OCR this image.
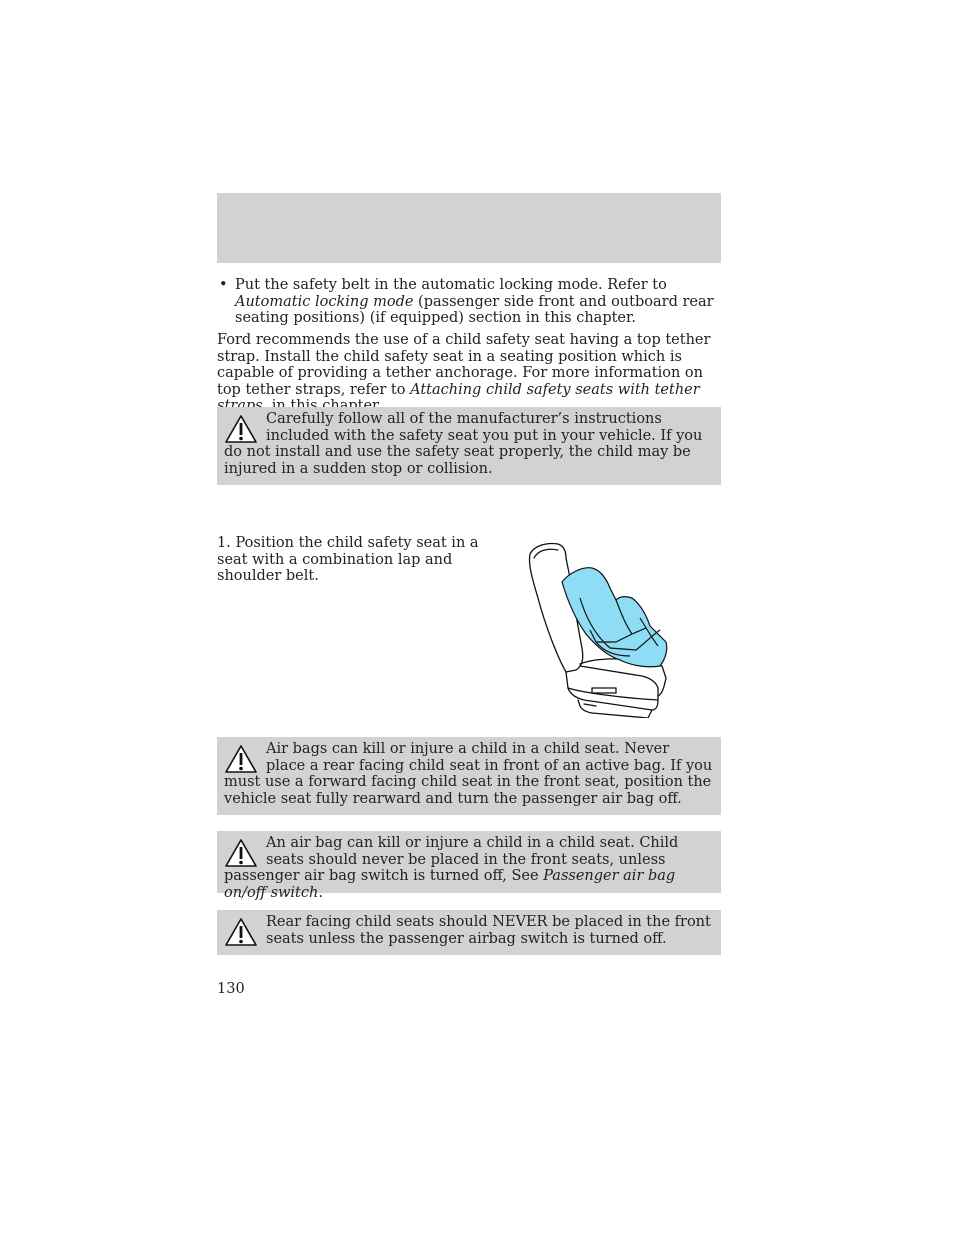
• Put the safety belt in the automatic locking mode. Refer to Automatic locking mode (passenger side front and outboard rear seating positions) (if equipped) section in this chapter.
Ford recommends the use of a child safety seat having a top tether strap. Install the child safety seat in a seating position which is capable of providing a tether anchorage. For more information on top tether straps, refer to Attaching child safety seats with tether

Carefully follow all of the manufacturer’s instructions included with the safety seat you put in your vehicle. If you do not install and use the safety seat properly, the child may be injured in a sudden stop or collision.

1. Position the child safety seat in a seat with a combination lap and shoulder belt.

Air bags can kill or injure a child in a child seat. Never place a rear facing child seat in front of an active bag. If you must use a forward facing child seat in the front seat, position the vehicle seat fully rearward and turn the passenger air bag off.

An air bag can kill or injure a child in a child seat. Child seats should never be placed in the front seats, unless passenger air bag switch is turned off, See Passenger air bag on/off switch.

Rear facing child seats should NEVER be placed in the front seats unless the passenger airbag switch is turned off.

130
